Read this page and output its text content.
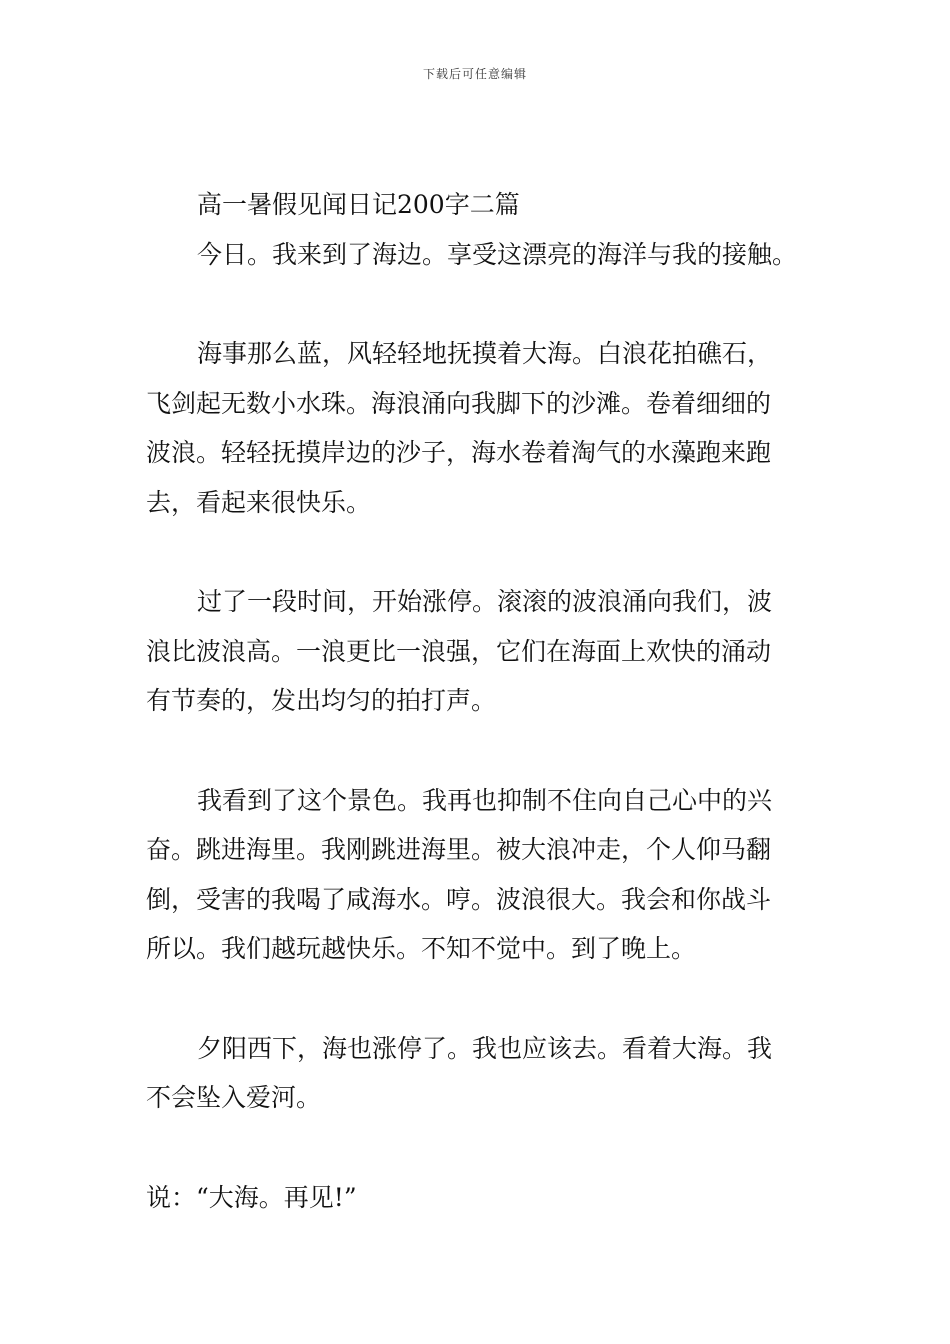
下载后可任意编辑
高一暑假见闻日记200字二篇
今日。我来到了海边。享受这漂亮的海洋与我的接触。
海事那么蓝，风轻轻地抚摸着大海。白浪花拍礁石，
飞剑起无数小水珠。海浪涌向我脚下的沙滩。卷着细细的
波浪。轻轻抚摸岸边的沙子，海水卷着淘气的水藻跑来跑
去，看起来很快乐。
过了一段时间，开始涨停。滚滚的波浪涌向我们，波
浪比波浪高。一浪更比一浪强，它们在海面上欢快的涌动
有节奏的，发出均匀的拍打声。
我看到了这个景色。我再也抑制不住向自己心中的兴
奋。跳进海里。我刚跳进海里。被大浪冲走，个人仰马翻
倒，受害的我喝了咸海水。哼。波浪很大。我会和你战斗
所以。我们越玩越快乐。不知不觉中。到了晚上。
夕阳西下，海也涨停了。我也应该去。看着大海。我
不会坠入爱河。
说：“大海。再见!”
